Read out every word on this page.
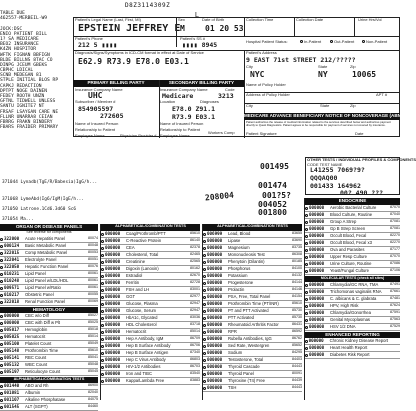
D8Z3114309Z
L
TABLE DUE
462557·MERBEIL·W9
JOCK:DSC
ENIO PATIENT BILL
1? SA MEDICARE
BEO2 INSURANCE
K4ZN HOSPITOR
WFTK FIGNAN BBFIGN
BLDE BILLNS 8TAC CO
DINPG JCEUM GBEKS
CBPHC LDICAL
SCNB MEDEGAN 81
STPLE INITIAL BLOS RP
CAPKJ REDACTION
DPTPT NOGE DAINEN
FEDEY ROOTH UNZN
GFTNL TIDWELL UNLESS
SANTU IGNITE7 NT
FRSAF LSAYGAN CARE NE
FLLNR UNARRA8 CEIAN
FBRRG FRAKN BINDERY
FBARS FRAIDER PRIMARY
Patient's Legal Name (Last, First, MI)	Sex	Date of Birth	Collection Time	Collection Date	Urine Hrs/Vol
EPSTEIN JEFFREY E M	01 20 53
Patient's Phone	Patient's SS #
212 5 ▮▮▮▮	▮▮▮▮ 8945	Hospital Patient Status:	In-Patient	Out-Patient	Non-Patient
Diagnosis/Signs/Symptoms in ICD-CM format in effect at Date of Service
E62.9 R73.9 E78.0 E03.1
Patient's Address
9 EAST 71st STREET 212/?????
City	State	Zip
NYC	NY	10065
PRIMARY BILLING PARTY	SECONDARY BILLING PARTY
Insurance Company Name	Insurance Company Name	Code
UHC	Medicare	3213
Subscriber / Member #	Location	Diagnoses
854905597	E78.0 Z91.1
272605	R73.9 E03.1
Name of Insured Person	Name of Insured Person
Relationship to Patient	Relationship to Patient
Employee Name	Employee Name
Name of Policy Holder
Address of Policy Holder	APT #
City	State	Zip
MEDICARE ADVANCE BENEFICIARY NOTICE OF NONCOVERAGE (ABN)
Patient authorizes the release of medical information related to the services described below and authorizes payment directly to Quest Diagnostics. Patient agrees to be responsible for payment of services not covered by insurance.
Patient Signature	Date
Physician Provider #
Workers Comp
OTHER TESTS / INDIVIDUAL PROFILES & COMPONENTS
CODE TEST NAME
L41255 7069?9?
QQQAQ00
001433 164962
00? 490 ???
001495
001474
001?5?
208004
004052
001800
371044 Lynadb(TgE/R/Babesia)IgG/h...
371068 LymeAbd(Ig6/IgM)IgE/h...
371050 Latrone.1Cd6.3d60 Sc6
371054 Ma...
ORGAN OR DISEASE PANELS
See reverse for components
322000	Acute Hepatitis Panel	80074
000124	Basic Metabolic Panel	80048
322015	Comp Metabolic Panel	80053
322041	Electrolyte Panel	80051
322050	Hepatic Function Panel	80076
010231	Lipid Panel	80061
010248	Lipid Panel w/LDL/HDL	80061
009571	Lipid Panel w/Ratio	80061
010217	Obstetric Panel	80055
322018	Renal Function Panel	80069
HEMATOLOGY
000000	CBC w/o Diff	85027
000000	CBC with Diff w Plt	85025
005017	Hemoglobin	85018
005025	Hematocrit	85014
005100	Platelet Count	85049
005148	Prothrombin Time	85610
005141	RBC Count	85041
005132	WBC Count	85048
005197	Reticulocyte Count	85045
ALPHABETICAL/COMBINATION TESTS
001440	ABO and Rh	86900
001081	Albumin	82040
001107	Alkaline Phosphatase	84075
001545	ALT (SGPT)	84460
ALPHABETICAL/COMBINATION TESTS
000000	Coag/Prothromb/PTT	85610
000000	C-Reactive Protein	86140
000000	CEA	82378
000000	Cholesterol, Total	82465
000000	Creatinine	82565
000000	Digoxin (Lanoxin)	80162
000000	Estradiol	82670
000000	Ferritin	82728
000000	FSH and LH	83001
000000	GGT	82977
000000	Glucose, Plasma	82947
000000	Glucose, Serum	82947
000000	HbA1c, Glycated	83036
000000	HDL Cholesterol	83718
000000	Hematocrit	85014
000000	Hep A Antibody, IgM	86709
000000	Hep B Surface Antibody	86706
000000	Hep B Surface Antigen	87340
000000	Hep C Virus Antibody	86803
000000	HIV-1/2 Antibodies	86703
000000	Iron and TIBC	83540
000000	Kappa/Lambda Free	83883
ALPHABETICAL/COMBINATION TESTS
006999	Lead, Blood	83655
000000	Lipase	83690
000000	Magnesium	83735
000000	Mononucleosis Test	86308
000000	Phenytoin (Dilantin)	80185
000000	Phosphorus	84100
000000	Potassium	84132
000000	Progesterone	84144
000000	Prolactin	84146
000000	PSA, Free, Total Panel	84154
000000	Prothrombin Time (PT/INR)	85610
000000	PT and PTT Activated	85730
000000	PTT Activated	85730
000000	Rheumatoid Arthritis Factor	86431
000000	RPR	86592
000000	Rubella Antibodies, IgG	86762
000000	Sed Rate, Westergren	85652
000000	Sodium	84295
000000	Testosterone, Total	84403
000000	Thyroid Cascade	84443
000000	Thyroid Panel	80091
000000	Thyroxine (T4) Free	84439
000000	TSH	84443
ENDOCRINE
000000	Aerobic Bacterial Culture	87070
000000	Blood Culture, Routine	87040
000000	Group A Strep	87081
000000	Gp B Strep Screen	87081
000000	Occult Blood, Fecal	82270
000000	Occult Blood, Fecal x3	82270
000000	Ova and Parasites	87177
000000	Upper Resp Culture	87070
000000	Urine Culture, Routine	87086
000000	Yeast/Fungal Culture	87106
MOLECULAR TESTS (check all sites)
000000	Chlamydia/GC RNA, TMA	87491
000000	Trichomonas vaginalis RNA	87661
000000	C. albicans & C. glabrata	87481
000000	HPV, High Risk	87624
000000	Chlamydia/Gonorrhea	87591
000000	Genital Mycoplasmas	87563
000000	HSV 1/2 DNA	87529
ENHANCED REPORTING
000000	Chronic Kidney Disease Report
000000	Heart Health Report
000000	Diabetes Risk Report
